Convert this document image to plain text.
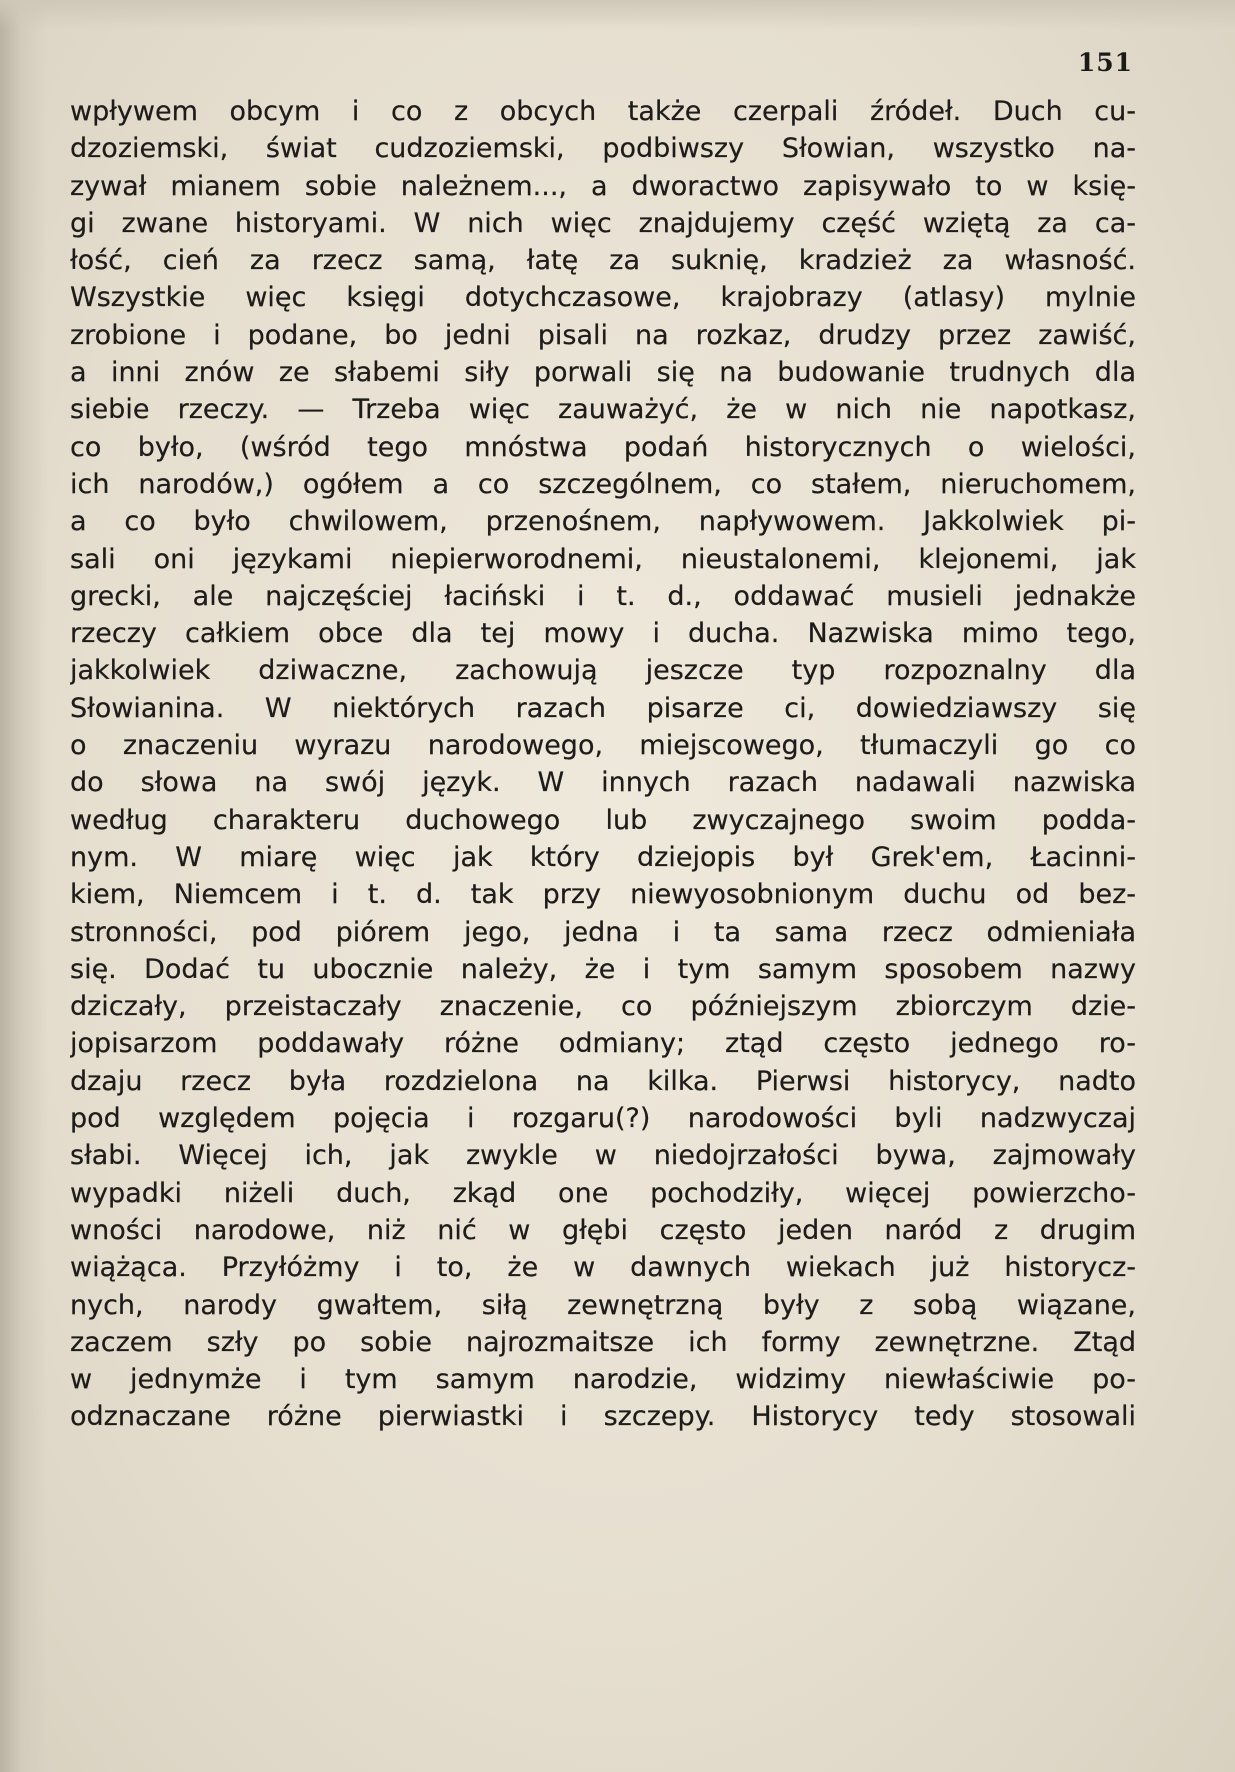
151
wpływem obcym i co z obcych także czerpali źródeł. Duch cu-
dzoziemski, świat cudzoziemski, podbiwszy Słowian, wszystko na-
zywał mianem sobie należnem..., a dworactwo zapisywało to w księ-
gi zwane historyami. W nich więc znajdujemy część wziętą za ca-
łość, cień za rzecz samą, łatę za suknię, kradzież za własność.
Wszystkie więc księgi dotychczasowe, krajobrazy (atlasy) mylnie
zrobione i podane, bo jedni pisali na rozkaz, drudzy przez zawiść,
a inni znów ze słabemi siły porwali się na budowanie trudnych dla
siebie rzeczy. — Trzeba więc zauważyć, że w nich nie napotkasz,
co było, (wśród tego mnóstwa podań historycznych o wielości,
ich narodów,) ogółem a co szczególnem, co stałem, nieruchomem,
a co było chwilowem, przenośnem, napływowem. Jakkolwiek pi-
sali oni językami niepierworodnemi, nieustalonemi, klejonemi, jak
grecki, ale najczęściej łaciński i t. d., oddawać musieli jednakże
rzeczy całkiem obce dla tej mowy i ducha. Nazwiska mimo tego,
jakkolwiek dziwaczne, zachowują jeszcze typ rozpoznalny dla
Słowianina. W niektórych razach pisarze ci, dowiedziawszy się
o znaczeniu wyrazu narodowego, miejscowego, tłumaczyli go co
do słowa na swój język. W innych razach nadawali nazwiska
według charakteru duchowego lub zwyczajnego swoim podda-
nym. W miarę więc jak który dziejopis był Grek'em, Łacinni-
kiem, Niemcem i t. d. tak przy niewyosobnionym duchu od bez-
stronności, pod piórem jego, jedna i ta sama rzecz odmieniała
się. Dodać tu ubocznie należy, że i tym samym sposobem nazwy
dziczały, przeistaczały znaczenie, co późniejszym zbiorczym dzie-
jopisarzom poddawały różne odmiany; ztąd często jednego ro-
dzaju rzecz była rozdzielona na kilka. Pierwsi historycy, nadto
pod względem pojęcia i rozgaru(?) narodowości byli nadzwyczaj
słabi. Więcej ich, jak zwykle w niedojrzałości bywa, zajmowały
wypadki niżeli duch, zkąd one pochodziły, więcej powierzcho-
wności narodowe, niż nić w głębi często jeden naród z drugim
wiążąca. Przyłóżmy i to, że w dawnych wiekach już historycz-
nych, narody gwałtem, siłą zewnętrzną były z sobą wiązane,
zaczem szły po sobie najrozmaitsze ich formy zewnętrzne. Ztąd
w jednymże i tym samym narodzie, widzimy niewłaściwie po-
odznaczane różne pierwiastki i szczepy. Historycy tedy stosowali
